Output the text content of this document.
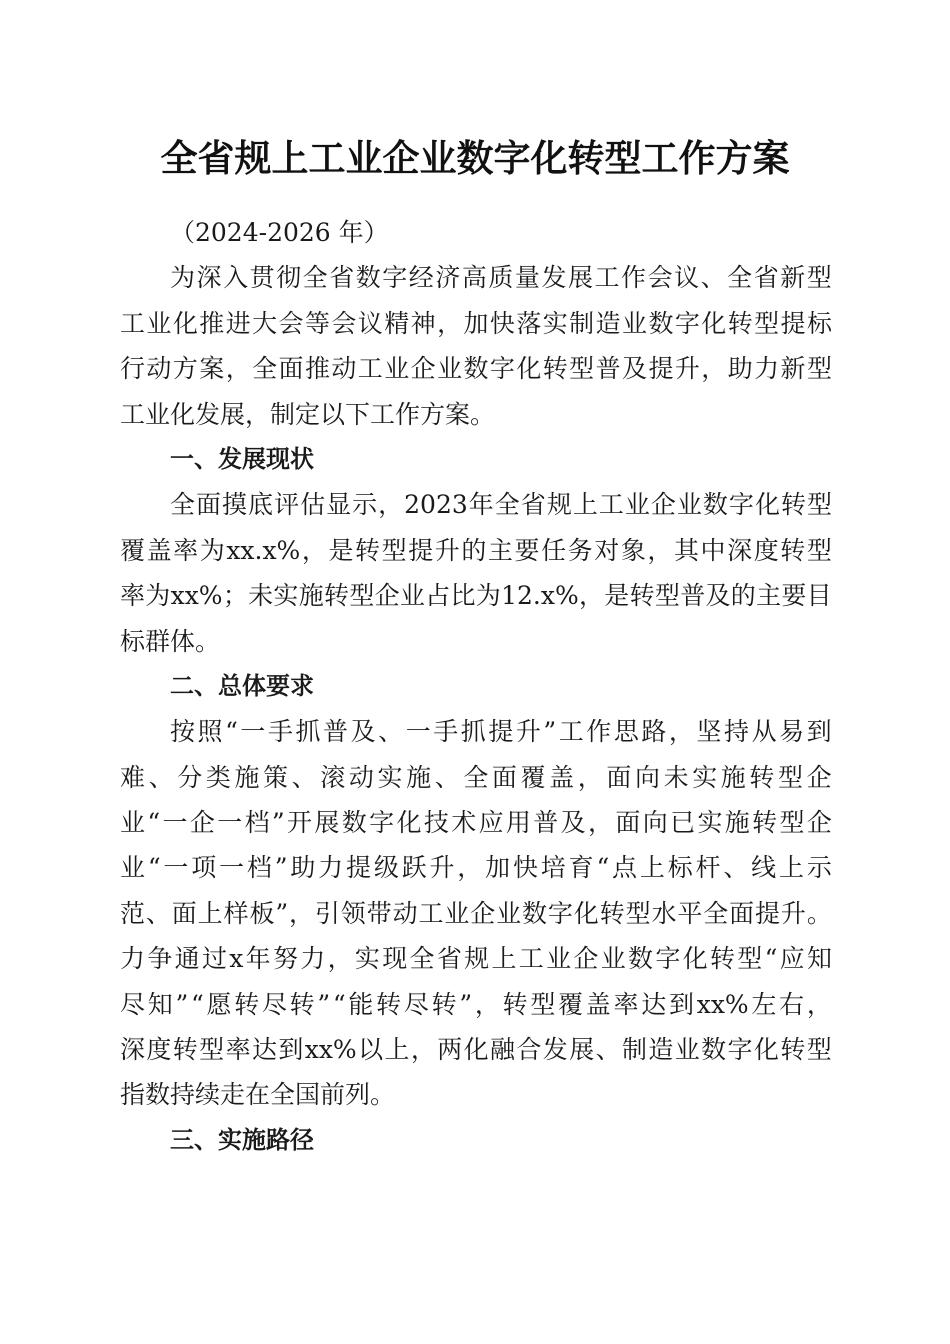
全省规上工业企业数字化转型工作方案
（2024-2026 年）
为 深 入 贯 彻 全 省 数 字 经 济 高 质 量 发 展 工 作 会 议 、 全 省 新 型
工 业 化 推 进 大 会 等 会 议 精 神 ， 加 快 落 实 制 造 业 数 字 化 转 型 提 标
行 动 方 案 ， 全 面 推 动 工 业 企 业 数 字 化 转 型 普 及 提 升 ， 助 力 新 型
工业化发展，制定以下工作方案。
一、发展现状
全 面 摸 底 评 估 显 示 ， 2023 年 全 省 规 上 工 业 企 业 数 字 化 转 型
覆 盖 率 为 xx.x% ， 是 转 型 提 升 的 主 要 任 务 对 象 ， 其 中 深 度 转 型
率 为 xx% ； 未 实 施 转 型 企 业 占 比 为 12.x% ， 是 转 型 普 及 的 主 要 目
标群体。
二、总体要求
按 照 “ 一 手 抓 普 及 、 一 手 抓 提 升 ” 工 作 思 路 ， 坚 持 从 易 到
难 、 分 类 施 策 、 滚 动 实 施 、 全 面 覆 盖 ， 面 向 未 实 施 转 型 企
业 “ 一 企 一 档 ” 开 展 数 字 化 技 术 应 用 普 及 ， 面 向 已 实 施 转 型 企
业 “ 一 项 一 档 ” 助 力 提 级 跃 升 ， 加 快 培 育 “ 点 上 标 杆 、 线 上 示
范 、 面 上 样 板 ” ， 引 领 带 动 工 业 企 业 数 字 化 转 型 水 平 全 面 提 升 。
力 争 通 过 x 年 努 力 ， 实 现 全 省 规 上 工 业 企 业 数 字 化 转 型 “ 应 知
尽 知 ” “ 愿 转 尽 转 ” “ 能 转 尽 转 ” ， 转 型 覆 盖 率 达 到 xx% 左 右 ，
深 度 转 型 率 达 到 xx% 以 上 ， 两 化 融 合 发 展 、 制 造 业 数 字 化 转 型
指数持续走在全国前列。
三、实施路径
